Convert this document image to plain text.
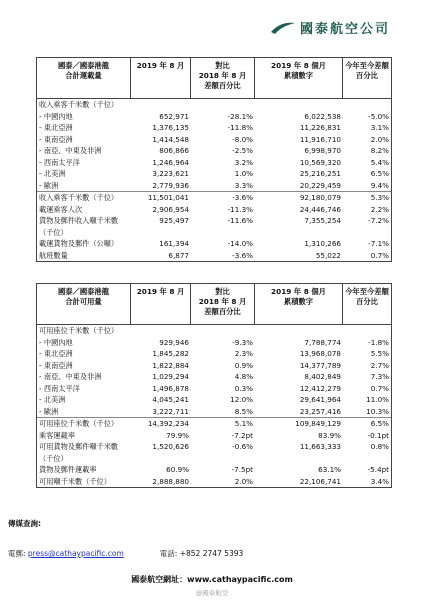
國泰航空公司
國泰／國泰港龍
合計運載量
2019 年 8 月	對比
2018 年 8 月
差額百分比
2019 年 8 個月
累積數字
今年至今差額
百分比
收入乘客千米數（千位）
- 中國內地	652,971	-28.1%	6,022,538	-5.0%
- 東北亞洲	1,376,135	-11.8%	11,226,831	3.1%
- 東南亞洲	1,414,548	-8.0%	11,916,710	2.0%
- 南亞、中東及非洲	806,866	-2.5%	6,998,970	8.2%
- 西南太平洋	1,246,964	3.2%	10,569,320	5.4%
- 北美洲	3,223,621	1.0%	25,216,251	6.5%
- 歐洲	2,779,936	3.3%	20,229,459	9.4%
收入乘客千米數（千位）	11,501,041	-3.6%	92,180,079	5.3%
載運乘客人次	2,906,954	-11.3%	24,446,746	2.2%
貨物及郵件收入噸千米數（千位）
925,497	-11.6%	7,355,254	-7.2%
載運貨物及郵件（公噸）	161,394	-14.0%	1,310,266	-7.1%
航班數量	6,877	-3.6%	55,022	0.7%
國泰／國泰港龍
合計可用量
2019 年 8 月	對比
2018 年 8 月
差額百分比
2019 年 8 個月
累積數字
今年至今差額
百分比
可用座位千米數（千位）
- 中國內地	929,946	-9.3%	7,788,774	-1.8%
- 東北亞洲	1,845,282	2.3%	13,968,078	5.5%
- 東南亞洲	1,822,884	0.9%	14,377,789	2.7%
- 南亞、中東及非洲	1,029,294	4.8%	8,402,849	7.3%
- 西南太平洋	1,496,878	0.3%	12,412,279	0.7%
- 北美洲	4,045,241	12.0%	29,641,964	11.0%
- 歐洲	3,222,711	8.5%	23,257,416	10.3%
可用座位千米數（千位）	14,392,234	5.1%	109,849,129	6.5%
乘客運載率	79.9%	-7.2pt	83.9%	-0.1pt
可用貨物及郵件噸千米數（千位）
1,520,626	-0.6%	11,663,333	0.8%
貨物及郵件運載率	60.9%	-7.5pt	63.1%	-5.4pt
可用噸千米數（千位）	2,888,880	2.0%	22,106,741	3.4%
傳媒查詢:
電郵: press@cathaypacific.com	電話: +852 2747 5393
國泰航空網址：www.cathaypacific.com
@國泰航空
